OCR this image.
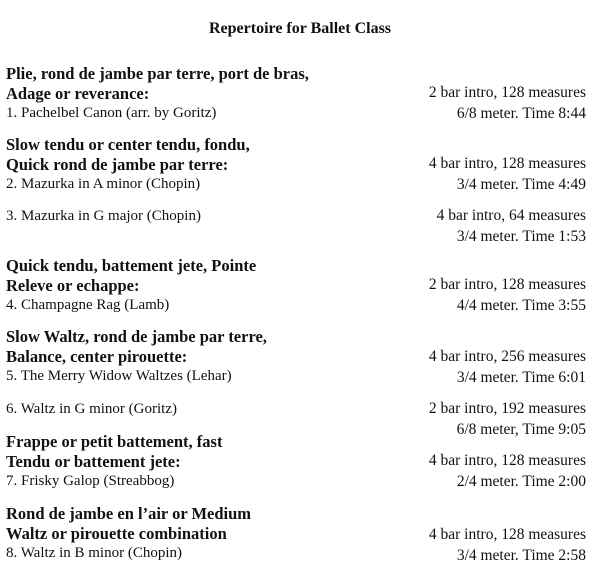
Repertoire for Ballet Class
Plie, rond de jambe par terre, port de bras,
Adage or reverance:
1. Pachelbel Canon (arr. by Goritz)
2 bar intro, 128 measures
6/8 meter. Time 8:44
Slow tendu or center tendu, fondu,
Quick rond de jambe par terre:
2. Mazurka in A minor (Chopin)
4 bar intro, 128 measures
3/4 meter. Time 4:49
3. Mazurka in G major (Chopin)	4 bar intro, 64 measures
3/4 meter. Time 1:53
Quick tendu, battement jete, Pointe
Releve or echappe:
4. Champagne Rag (Lamb)
2 bar intro, 128 measures
4/4 meter. Time 3:55
Slow Waltz, rond de jambe par terre,
Balance, center pirouette:
5. The Merry Widow Waltzes (Lehar)
4 bar intro, 256 measures
3/4 meter. Time 6:01
6. Waltz in G minor (Goritz)	2 bar intro, 192 measures
6/8 meter, Time 9:05
Frappe or petit battement, fast
Tendu or battement jete:
7. Frisky Galop (Streabbog)
4 bar intro, 128 measures
2/4 meter. Time 2:00
Rond de jambe en l’air or Medium
Waltz or pirouette combination
8. Waltz in B minor (Chopin)
4 bar intro, 128 measures
3/4 meter. Time 2:58
